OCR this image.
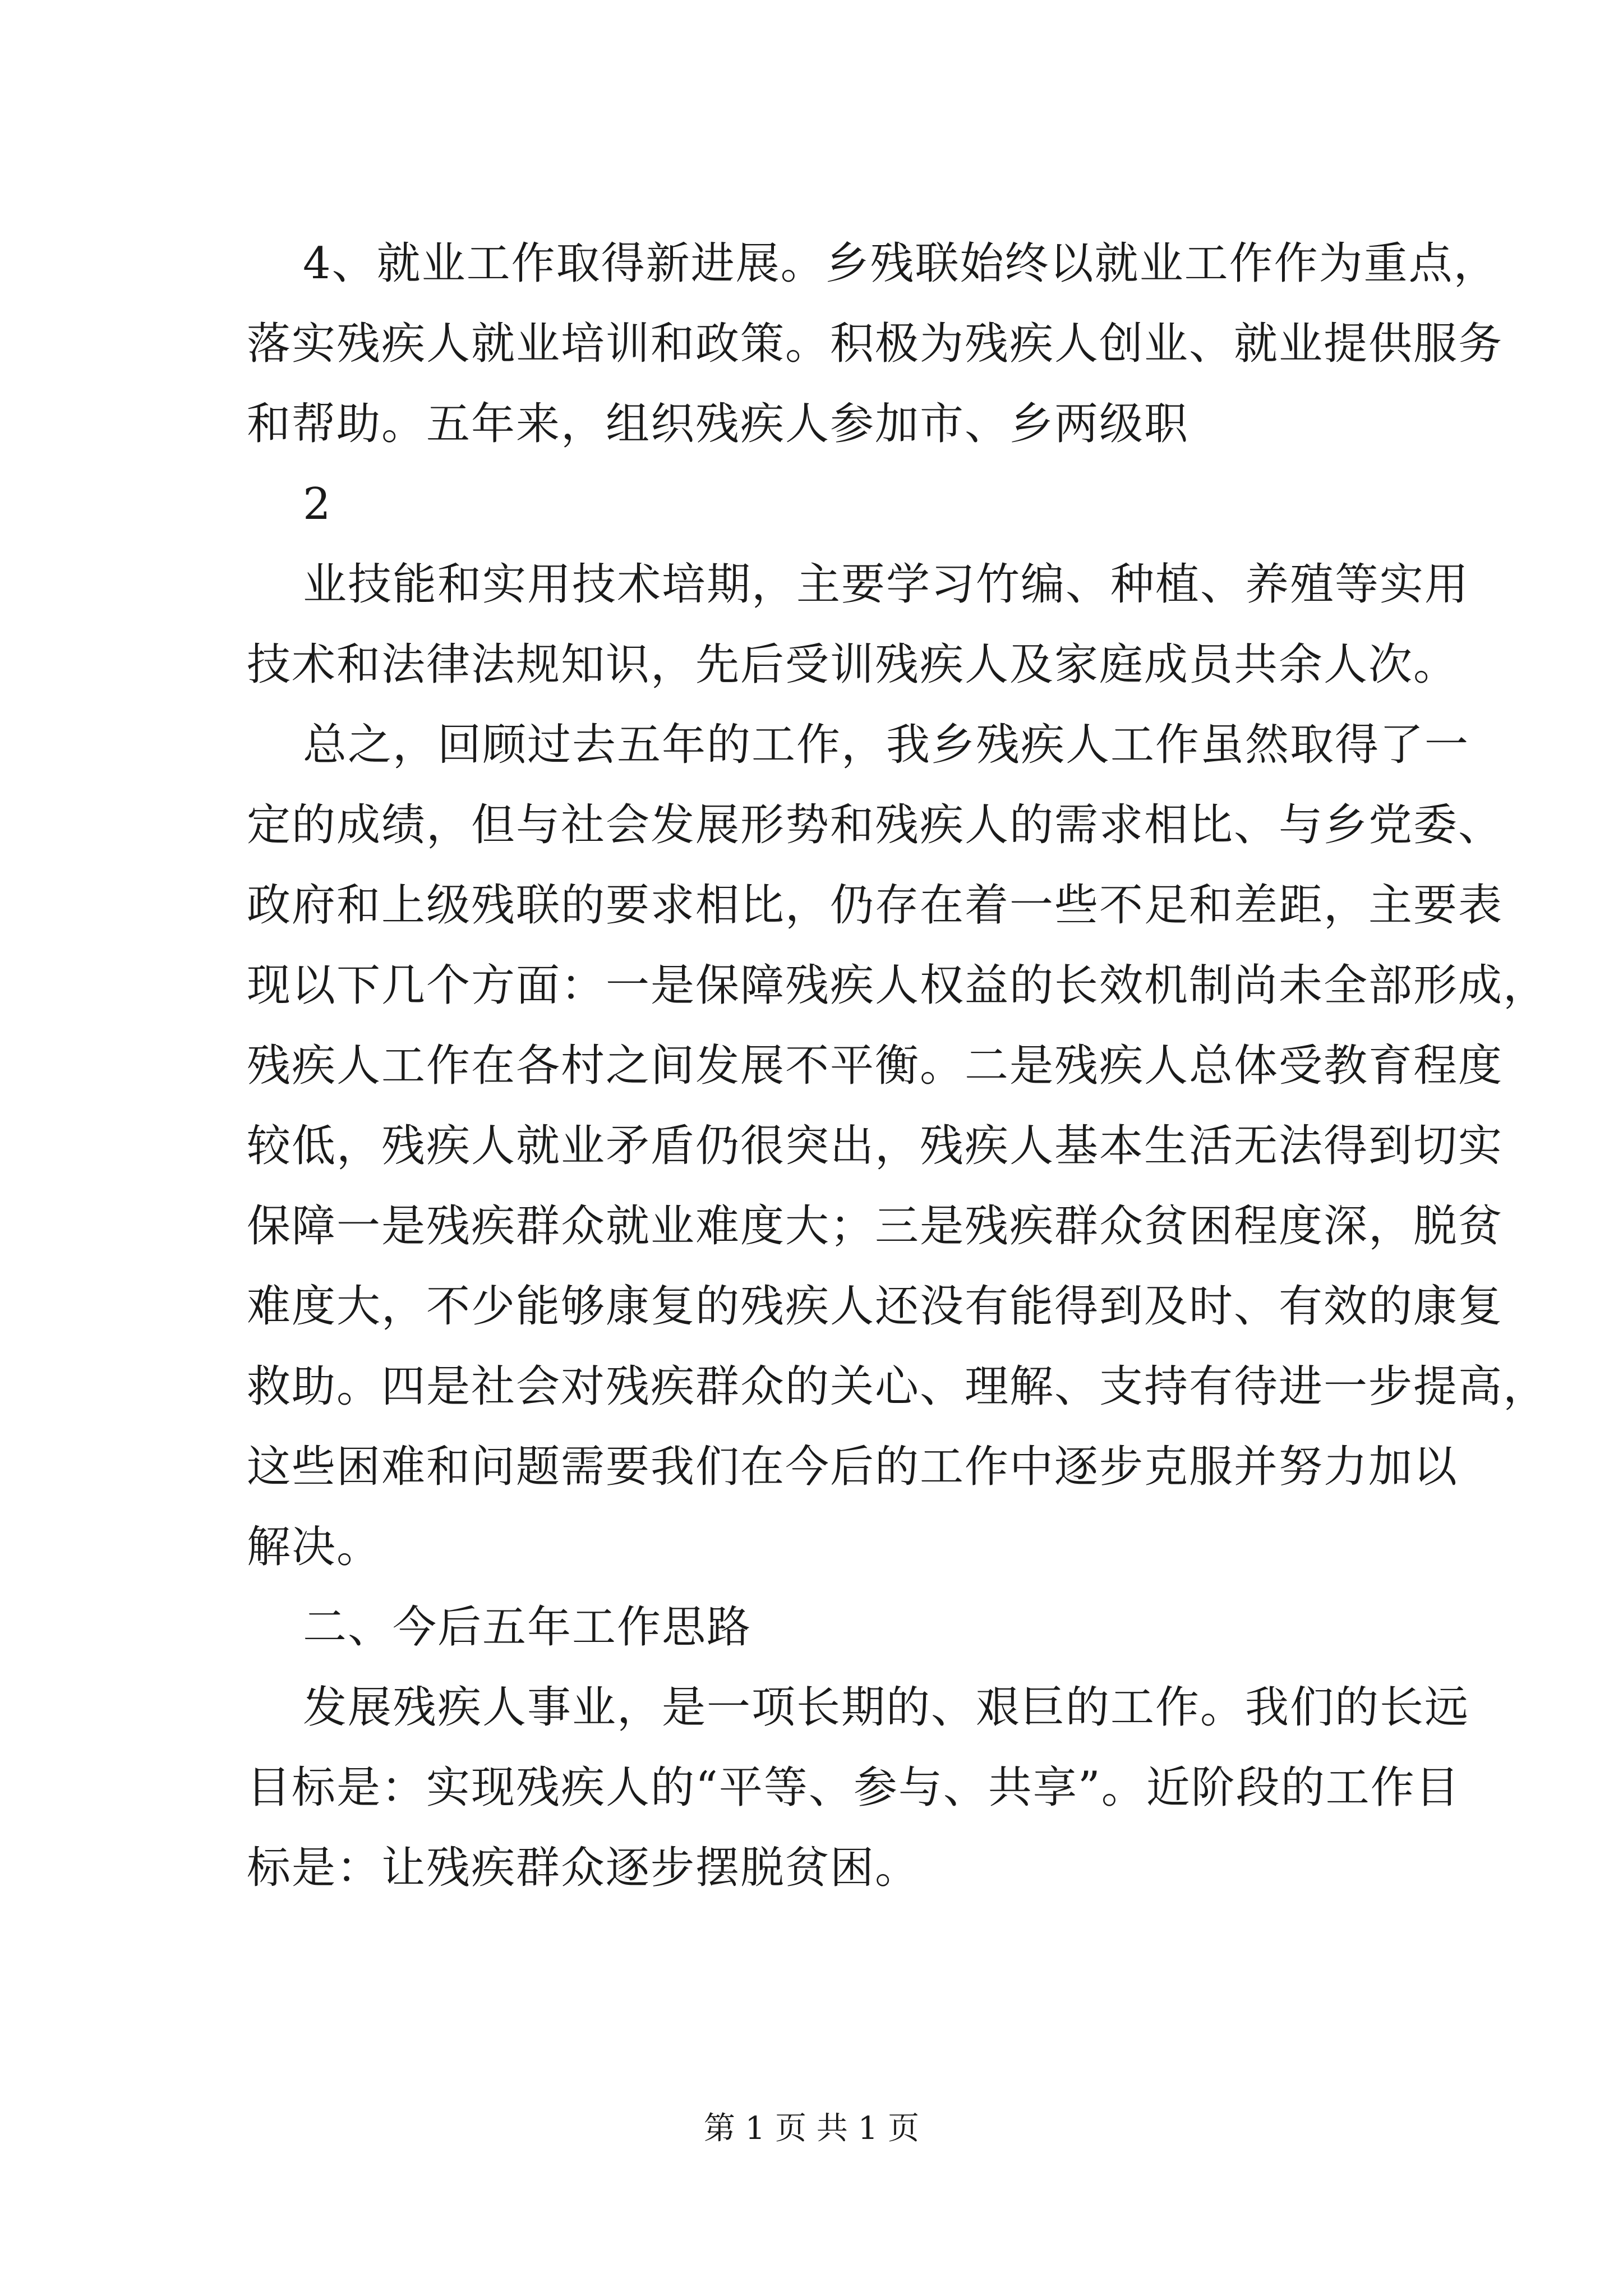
4、就业工作取得新进展。乡残联始终以就业工作作为重点，
落实残疾人就业培训和政策。积极为残疾人创业、就业提供服务
和帮助。五年来，组织残疾人参加市、乡两级职
2
业技能和实用技术培期，主要学习竹编、种植、养殖等实用
技术和法律法规知识，先后受训残疾人及家庭成员共余人次。
总之，回顾过去五年的工作，我乡残疾人工作虽然取得了一
定的成绩，但与社会发展形势和残疾人的需求相比、与乡党委、
政府和上级残联的要求相比，仍存在着一些不足和差距，主要表
现以下几个方面：一是保障残疾人权益的长效机制尚未全部形成，
残疾人工作在各村之间发展不平衡。二是残疾人总体受教育程度
较低，残疾人就业矛盾仍很突出，残疾人基本生活无法得到切实
保障一是残疾群众就业难度大；三是残疾群众贫困程度深，脱贫
难度大，不少能够康复的残疾人还没有能得到及时、有效的康复
救助。四是社会对残疾群众的关心、理解、支持有待进一步提高，
这些困难和问题需要我们在今后的工作中逐步克服并努力加以
解决。
二、今后五年工作思路
发展残疾人事业，是一项长期的、艰巨的工作。我们的长远
目标是：实现残疾人的“平等、参与、共享”。近阶段的工作目
标是：让残疾群众逐步摆脱贫困。
第 1 页 共 1 页
